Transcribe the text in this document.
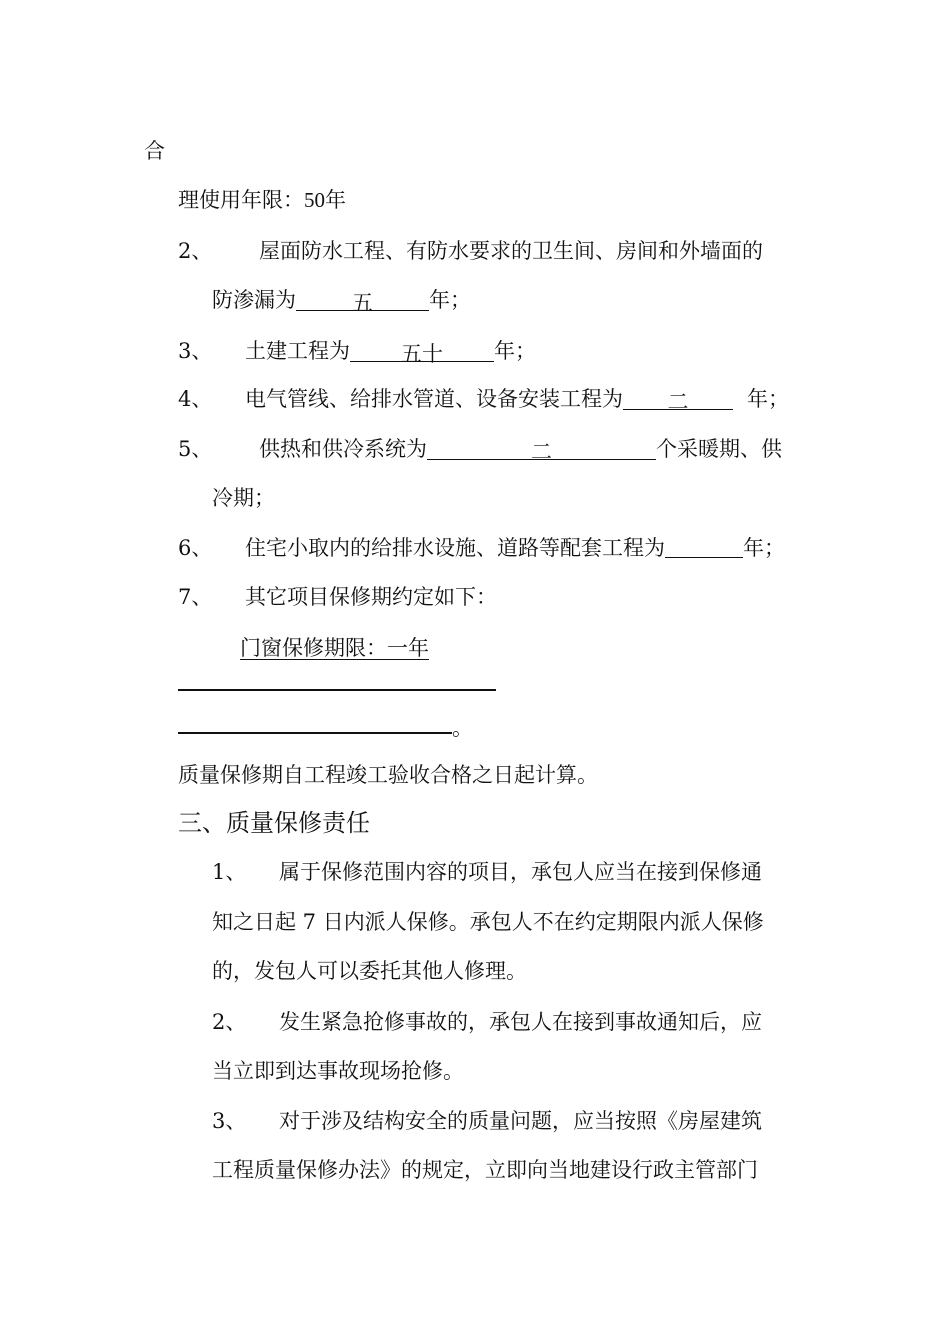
合
理使用年限：50年
2、 屋面防水工程、有防水要求的卫生间、房间和外墙面的
防渗漏为	五	年；
3、 土建工程为 五十 年；
4、 电气管线、给排水管道、设备安装工程为 二	年；
5、 供热和供冷系统为	二	个采暖期、供
冷期；
6、 住宅小取内的给排水设施、道路等配套工程为	年；
7、 其它项目保修期约定如下：
门窗保修期限：一年
。
质量保修期自工程竣工验收合格之日起计算。
三、质量保修责任
1、 属于保修范围内容的项目，承包人应当在接到保修通
知之日起 7 日内派人保修。承包人不在约定期限内派人保修
的，发包人可以委托其他人修理。
2、 发生紧急抢修事故的，承包人在接到事故通知后，应
当立即到达事故现场抢修。
3、 对于涉及结构安全的质量问题，应当按照《房屋建筑
工程质量保修办法》的规定，立即向当地建设行政主管部门
